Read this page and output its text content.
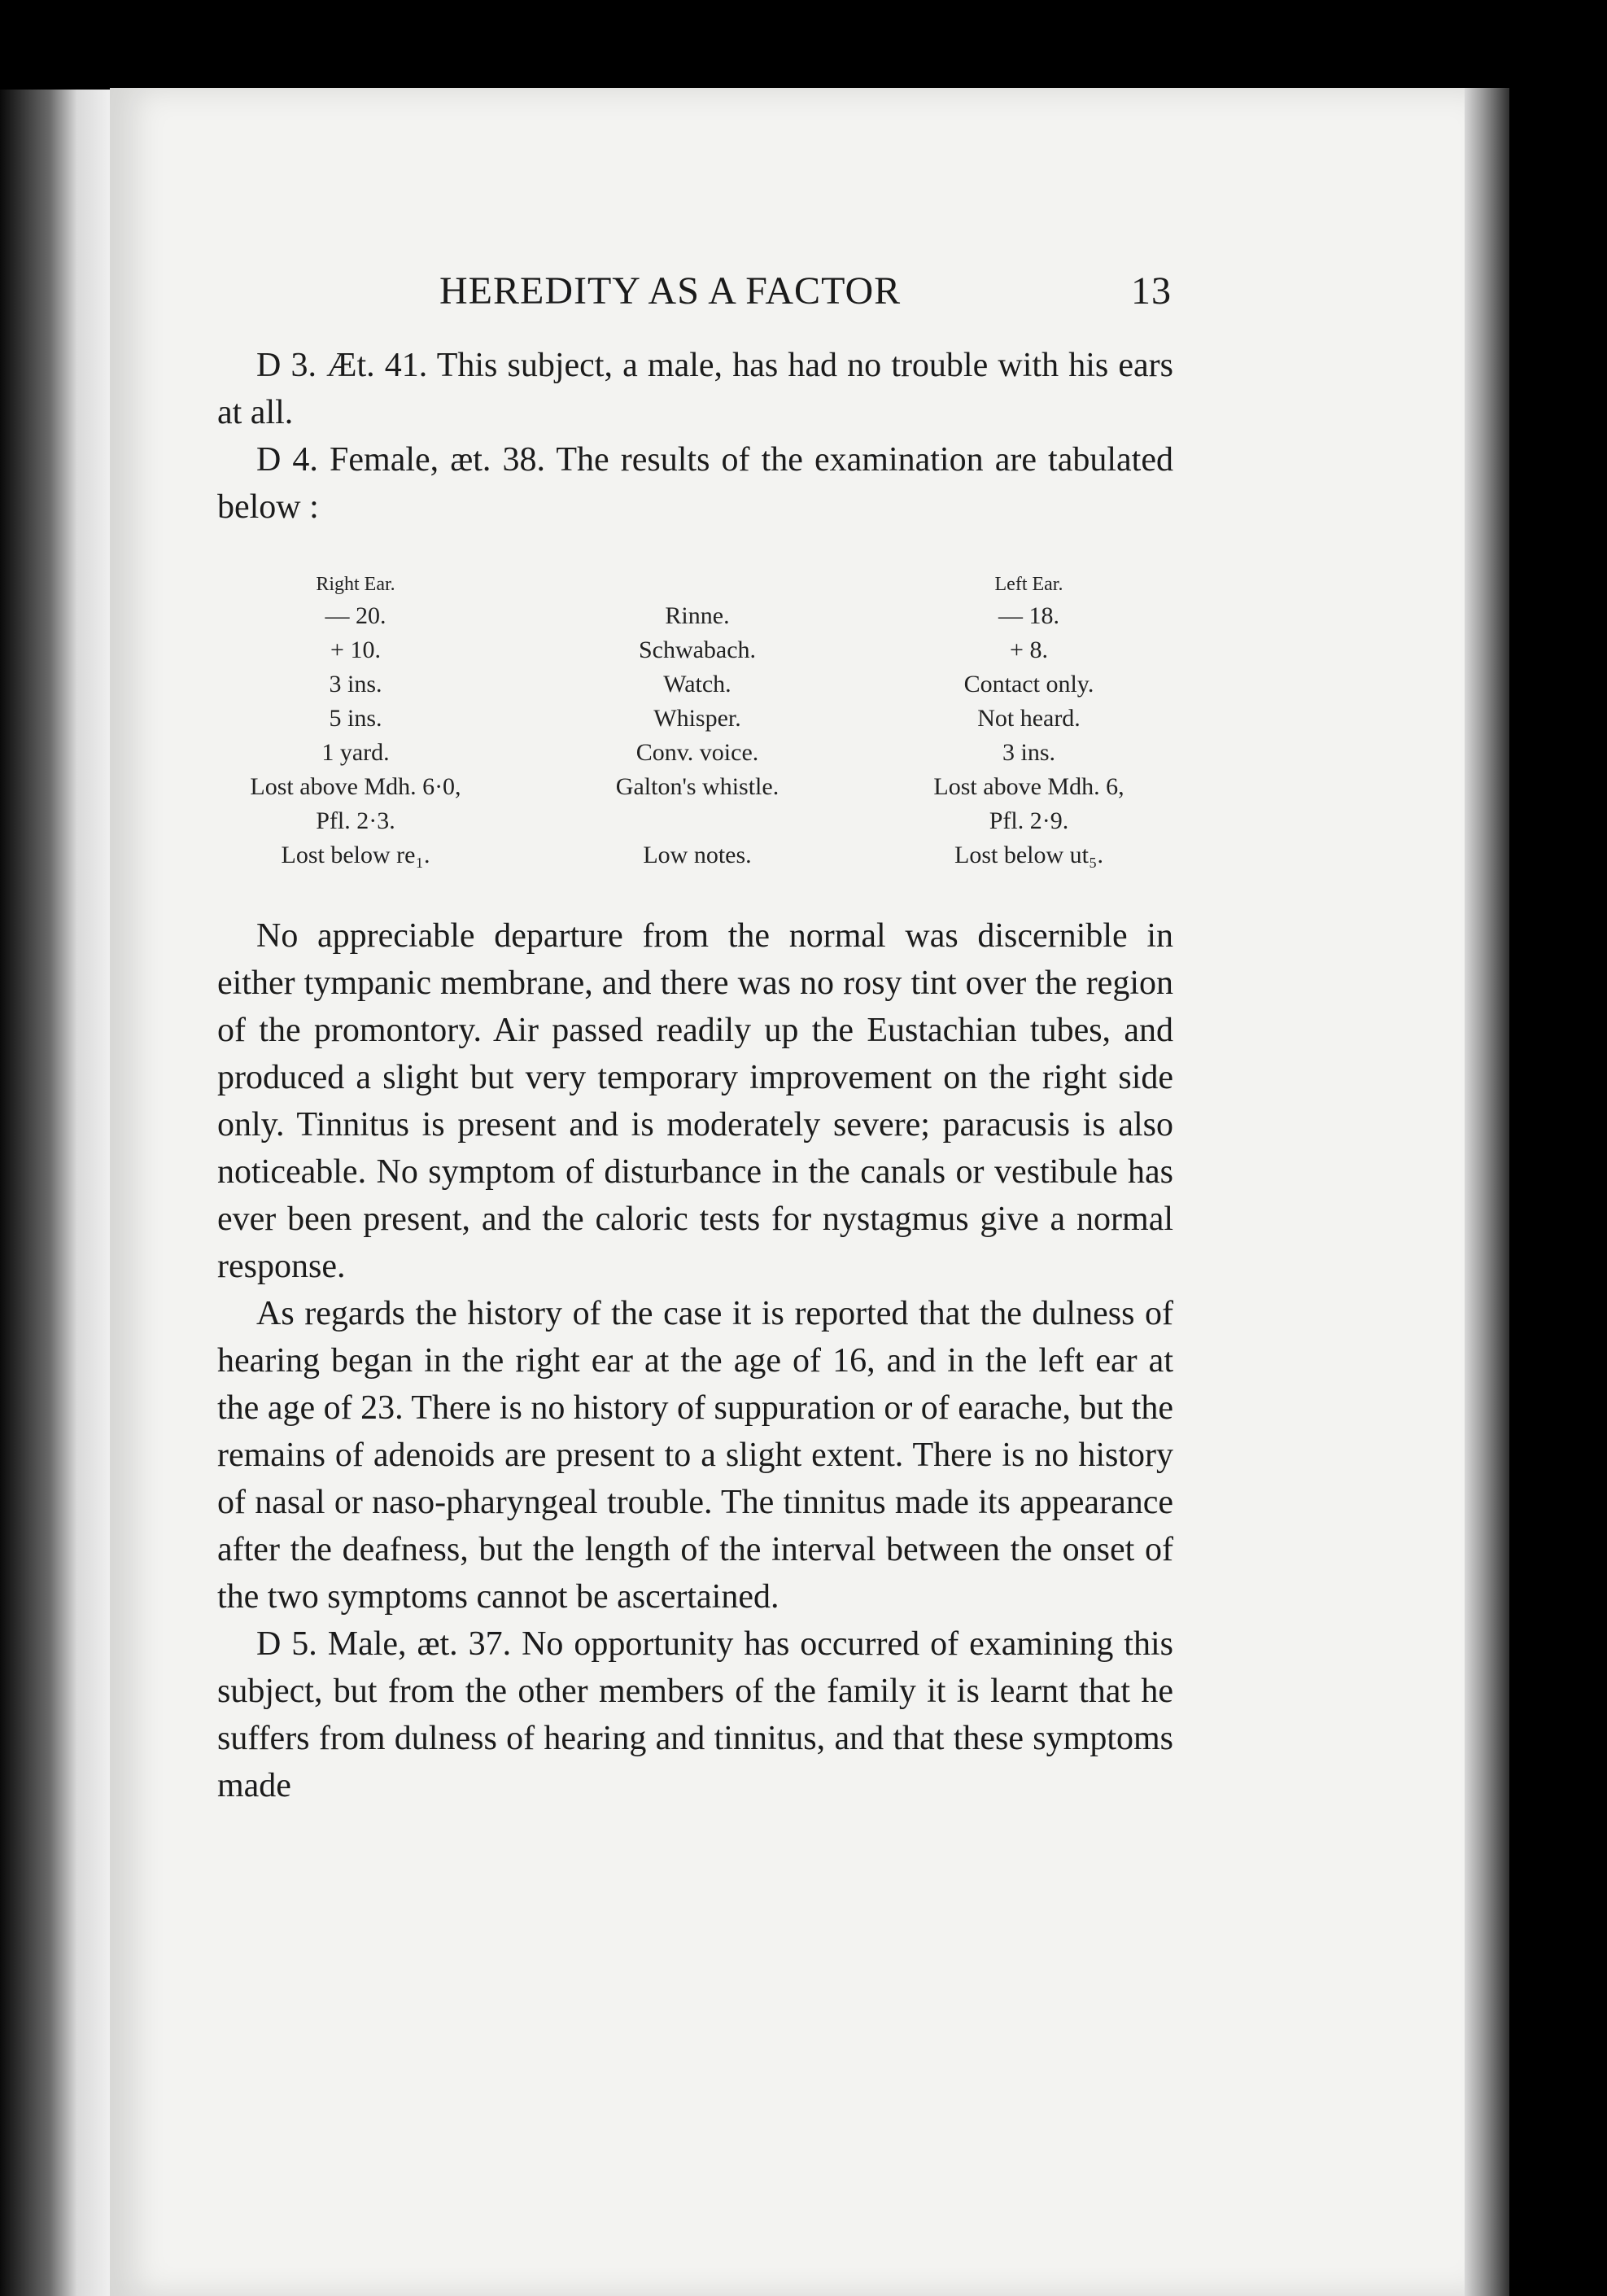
HEREDITY AS A FACTOR	13

D 3. Æt. 41. This subject, a male, has had no trouble with his ears at all.

D 4. Female, æt. 38. The results of the examination are tabulated below :

Right Ear.
— 20.
+ 10.
3 ins.
5 ins.
1 yard.
Lost above Mdh. 6·0,
Pfl. 2·3.
Lost below re₁.

Rinne.
Schwabach.
Watch.
Whisper.
Conv. voice.
Galton's whistle.

Low notes.
Left Ear.
— 18.
+ 8.
Contact only.
Not heard.
3 ins.
Lost above Mdh. 6,
Pfl. 2·9.
Lost below ut₅.

No appreciable departure from the normal was discernible in either tympanic membrane, and there was no rosy tint over the region of the promontory. Air passed readily up the Eustachian tubes, and produced a slight but very temporary improvement on the right side only. Tinnitus is present and is moderately severe; paracusis is also noticeable. No symptom of disturbance in the canals or vestibule has ever been present, and the caloric tests for nystagmus give a normal response.

As regards the history of the case it is reported that the dulness of hearing began in the right ear at the age of 16, and in the left ear at the age of 23. There is no history of suppuration or of earache, but the remains of adenoids are present to a slight extent. There is no history of nasal or naso-pharyngeal trouble. The tinnitus made its appearance after the deafness, but the length of the interval between the onset of the two symptoms cannot be ascertained.

D 5. Male, æt. 37. No opportunity has occurred of examining this subject, but from the other members of the family it is learnt that he suffers from dulness of hearing and tinnitus, and that these symptoms made
